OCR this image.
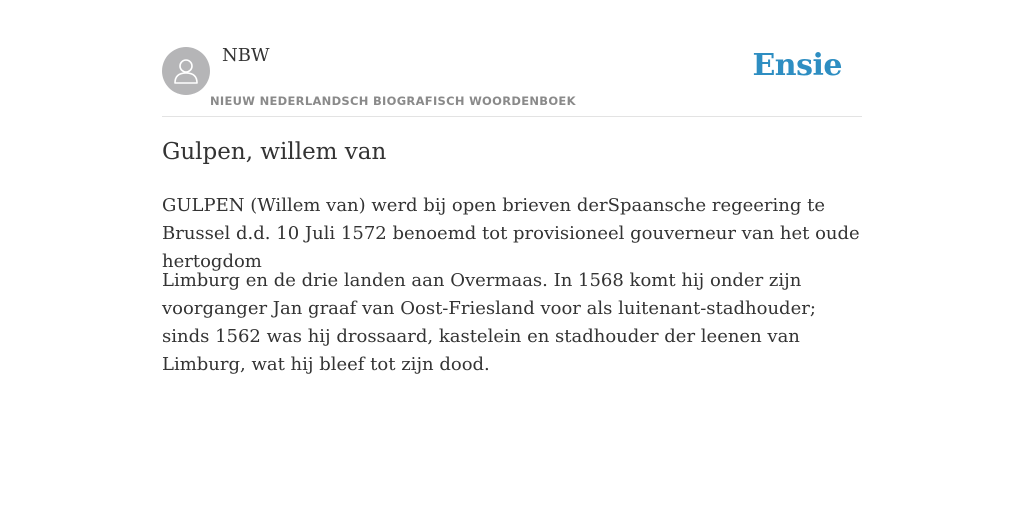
NBW
NIEUW NEDERLANDSCH BIOGRAFISCH WOORDENBOEK
Ensie
Gulpen, willem van

GULPEN (Willem van) werd bij open brieven derSpaansche regeering te Brussel d.d. 10 Juli 1572 benoemd tot provisioneel gouverneur van het oude hertogdom

Limburg en de drie landen aan Overmaas. In 1568 komt hij onder zijn voorganger Jan graaf van Oost-Friesland voor als luitenant-stadhouder; sinds 1562 was hij drossaard, kastelein en stadhouder der leenen van Limburg, wat hij bleef tot zijn dood.
